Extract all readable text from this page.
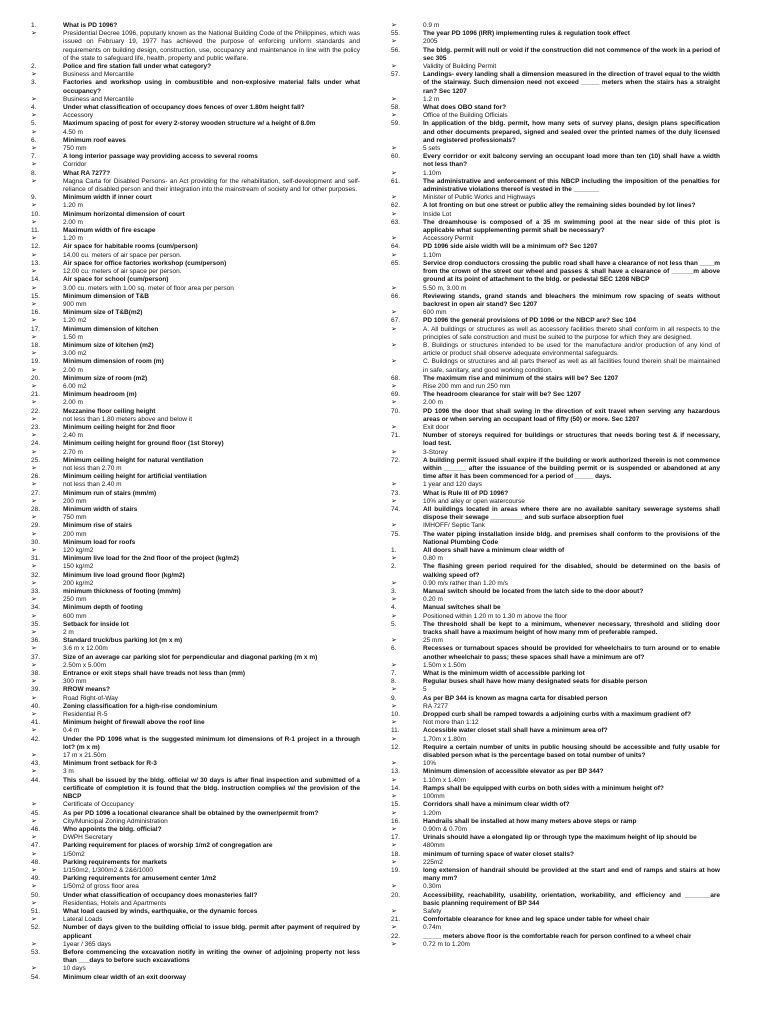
1.	What is PD 1096?
➢	Presidential Decree 1096, popularly known as the National Building Code of the Philippines, which was issued on February 19, 1977 has achieved the purpose of enforcing uniform standards and requirements on building design, construction, use, occupancy and maintenance in line with the policy of the state to safeguard life, health, property and public welfare.
2.	Police and fire station fall under what category?
➢	Business and Mercantile
3.	Factories and workshop using in combustible and non-explosive material falls under what occupancy?
➢	Business and Mercantile
4.	Under what classification of occupancy does fences of over 1.80m height fall?
➢	Accessory
5.	Maximum spacing of post for every 2-storey wooden structure w/ a height of 8.0m
➢	4.50 m
6.	Minimum roof eaves
➢	750 mm
7.	A long interior passage way providing access to several rooms
➢	Corridor
8.	What RA 7277?
➢	Magna Carta for Disabled Persons- an Act providing for the rehabilitation, self-development and self-reliance of disabled person and their integration into the mainstream of society and for other purposes.
9.	Minimum width if inner court
➢	1.20 m
10.	Minimum horizontal dimension of court
➢	2.00 m
11.	Maximum width of fire escape
➢	1.20 m
12.	Air space for habitable rooms (cum/person)
➢	14.00 cu. meters of air space per person.
13.	Air space for office factories workshop (cum/person)
➢	12.00 cu. meters of air space per person.
14.	Air space for school (cum/person)
➢	3.00 cu. meters with 1.00 sq. meter of floor area per person
15.	Minimum dimension of T&B
➢	900 mm
16.	Minimum size of T&B(m2)
➢	1.20 m2
17.	Minimum dimension of kitchen
➢	1.50 m
18.	Minimum size of kitchen (m2)
➢	3.00 m2
19.	Minimum dimension of room (m)
➢	2.00 m
20.	Minimum size of room (m2)
➢	6.00 m2
21.	Minimum headroom (m)
➢	2.00 m
22.	Mezzanine floor ceiling height
➢	not less than 1.80 meters above and below it
23.	Minimum ceiling height for 2nd floor
➢	2.40 m
24.	Minimum ceiling height for ground floor (1st Storey)
➢	2.70 m
25.	Minimum ceiling height for natural ventilation
➢	not less than 2.70 m
26.	Minimum ceiling height for artificial ventilation
➢	not less than 2.40 m
27.	Minimum run of stairs (mm/m)
➢	200 mm
28.	Minimum width of stairs
➢	750 mm
29.	Minimum rise of stairs
➢	200 mm
30.	Minimum load for roofs
➢	120 kg/m2
31.	Minimum live load for the 2nd floor of the project (kg/m2)
➢	150 kg/m2
32.	Minimum live load ground floor (kg/m2)
➢	200 kg/m2
33.	minimum thickness of footing (mm/m)
➢	250 mm
34.	Minimum depth of footing
➢	600 mm
35.	Setback for inside lot
➢	2 m
36.	Standard truck/bus parking lot (m x m)
➢	3.6 m x 12.00m
37.	Size of an average car parking slot for perpendicular and diagonal parking (m x m)
➢	2.50m x 5.00m
38.	Entrance or exit steps shall have treads not less than (mm)
➢	300 mm
39.	RROW means?
➢	Road Right-of-Way
40.	Zoning classification for a high-rise condominium
➢	Residential R-5
41.	Minimum height of firewall above the roof line
➢	0.4 m
42.	Under the PD 1096 what is the suggested minimum lot dimensions of R-1 project in a through lot? (m x m)
➢	17 m x 21.50m
43.	Minimum front setback for R-3
➢	3 m
44.	This shall be issued by the bldg. official w/ 30 days is after final inspection and submitted of a certificate of completion it is found that the bldg. instruction complies w/ the provision of the NBCP
➢	Certificate of Occupancy
45.	As per PD 1096 a locational clearance shall be obtained by the owner/permit from?
➢	City/Municipal Zoning Administration
46.	Who appoints the bldg. official?
➢	DWPH Secretary
47.	Parking requirement for places of worship 1/m2 of congregation are
➢	1/50m2
48.	Parking requirements for markets
➢	1/150m2, 1/300m2 & 2&6/1000
49.	Parking requirements for amusement center 1/m2
➢	1/50m2 of gross floor area
50.	Under what classification of occupancy does monasteries fall?
➢	Residentias, Hotels and Apartments
51.	What load caused by winds, earthquake, or the dynamic forces
➢	Lateral Loads
52.	Number of days given to the building official to issue bldg. permit after payment of required by applicant
➢	1year / 365 days
53.	Before commencing the excavation notify in writing the owner of adjoining property not less than ___days to before such excavations
➢	10 days
54.	Minimum clear width of an exit doorway
➢	0.9 m
55.	The year PD 1096 (IRR) implementing rules & regulation took effect
➢	2005
56.	The bldg. permit will null or void if the construction did not commence of the work in a period of sec 305
➢	Validity of Building Permit
57.	Landings- every landing shall a dimension measured in the direction of travel equal to the width of the stairway. Such dimension need not exceed _____ meters when the stairs has a straight ran? Sec 1207
➢	1.2 m
58.	What does OBO stand for?
➢	Office of the Building Officials
59.	In application of the bldg. permit, how many sets of survey plans, design plans specification and other documents prepared, signed and sealed over the printed names of the duly licensed and registered professionals?
➢	5 sets
60.	Every corridor or exit balcony serving an occupant load more than ten (10) shall have a width not less than?
➢	1.10m
61.	The administrative and enforcement of this NBCP including the imposition of the penalties for administrative violations thereof is vested in the _______
➢	Minister of Public Works and Highways
62.	A lot fronting on but one street or public alley the remaining sides bounded by lot lines?
➢	Inside Lot
63.	The dreamhouse is composed of a 35 m swimming pool at the near side of this plot is applicable what supplementing permit shall be necessary?
➢	Accessory Permit
64.	PD 1096 side aisle width will be a minimum of? Sec 1207
➢	1.10m
65.	Service drop conductors crossing the public road shall have a clearance of not less than ____m from the crown of the street our wheel and passes & shall have a clearance of ______m above ground at its point of attachment to the bldg. or pedestal SEC 1208 NBCP
➢	5.50 m, 3.00 m
66.	Reviewing stands, grand stands and bleachers the minimum row spacing of seats without backrest in open air stand? Sec 1207
➢	600 mm
67.	PD 1096 the general provisions of PD 1096 or the NBCP are? Sec 104
➢	A. All buildings or structures as well as accessory facilities thereto shall conform in all respects to the principles of safe construction and must be suited to the purpose for which they are designed.
➢	B. Buildings or structures intended to be used for the manufacture and/or production of any kind of article or product shall observe adequate environmental safeguards.
➢	C. Buildings or structures and all parts thereof as well as all facilities found therein shall be maintained in safe, sanitary, and good working condition.
68.	The maximum rise and minimum of the stairs will be? Sec 1207
➢	Rise 200 mm and run 250 mm
69.	The headroom clearance for stair will be? Sec 1207
➢	2.00 m
70.	PD 1096 the door that shall swing in the direction of exit travel when serving any hazardous areas or when serving an occupant load of fifty (50) or more. Sec 1207
➢	Exit door
71.	Number of storeys required for buildings or structures that needs boring test & if necessary, load test.
➢	3-Storey
72.	A building permit issued shall expire if the building or work authorized therein is not commence within ______ after the issuance of the building permit or is suspended or abandoned at any time after it has been commenced for a period of _____ days.
➢	1 year and 120 days
73.	What is Rule III of PD 1096?
➢	10% and alley or open watercourse
74.	All buildings located in areas where there are no available sanitary sewerage systems shall dispose their sewage _________ and sub surface absorption fuel
➢	IMHOFF/ Septic Tank
75.	The water piping installation inside bldg. and premises shall conform to the provisions of the National Plumbing Code
1.	All doors shall have a minimum clear width of
➢	0.80 m
2.	The flashing green period required for the disabled, should be determined on the basis of walking speed of?
➢	0.90 m/s rather than 1.20 m/s
3.	Manual switch should be located from the latch side to the door about?
➢	0.20 m
4.	Manual switches shall be
➢	Positioned within 1.20 m to 1.30 m above the floor
5.	The threshold shall be kept to a minimum, whenever necessary, threshold and sliding door tracks shall have a maximum height of how many mm of preferable ramped.
➢	25 mm
6.	Recesses or turnabout spaces should be provided for wheelchairs to turn around or to enable another wheelchair to pass; these spaces shall have a minimum are of?
➢	1.50m x 1.50m
7.	What is the minimum width of accessible parking lot
8.	Regular buses shall have how many designated seats for disable person
➢	5
9.	As per BP 344 is known as magna carta for disabled person
➢	RA 7277
10.	Dropped curb shall be ramped towards a adjoining curbs with a maximum gradient of?
➢	Not more than 1:12
11.	Accessible water closet stall shall have a minimum area of?
➢	1.70m x 1.80m
12.	Require a certain number of units in public housing should be accessible and fully usable for disabled person what is the percentage based on total number of units?
➢	10%
13.	Minimum dimension of accessible elevator as per BP 344?
➢	1.10m x 1.40m
14.	Ramps shall be equipped with curbs on both sides with a minimum height of?
➢	100mm
15.	Corridors shall have a minimum clear width of?
➢	1.20m
16.	Handrails shall be installed at how many meters above steps or ramp
➢	0.90m & 0.70m
17.	Urinals should have a elongated lip or through type the maximum height of lip should be
➢	480mm
18.	minimum of turning space of water closet stalls?
➢	225m2
19.	long extension of handrail should be provided at the start and end of ramps and stairs at how many mm?
➢	0.30m
20.	Accessibility, reachability, usability, orientation, workability, and efficiency and _______are basic planning requirement of BP 344
➢	Safety
21.	Comfortable clearance for knee and leg space under table for wheel chair
➢	0.74m
22.	_____ meters above floor is the comfortable reach for person confined to a wheel chair
➢	0.72 m to 1.20m
